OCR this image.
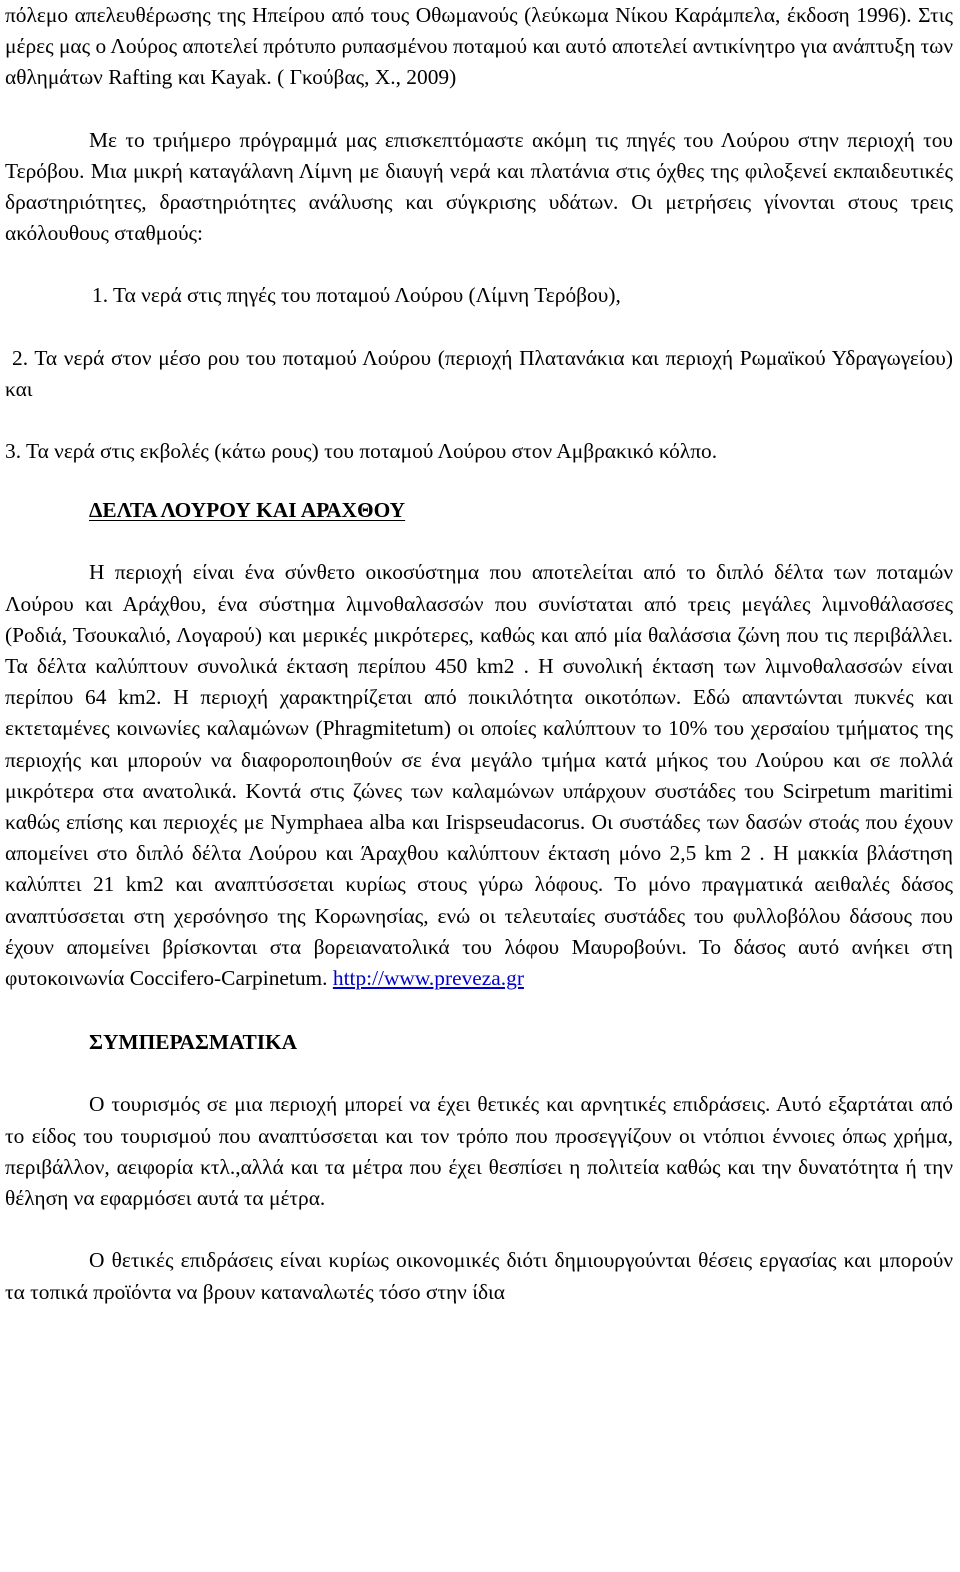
πόλεμο απελευθέρωσης της Ηπείρου από τους Οθωμανούς (λεύκωμα Νίκου Καράμπελα, έκδοση 1996). Στις μέρες μας ο Λούρος αποτελεί πρότυπο ρυπασμένου ποταμού και αυτό αποτελεί αντικίνητρο για ανάπτυξη των αθλημάτων Rafting και Kayak. ( Γκούβας, Χ., 2009)

Με το τριήμερο πρόγραμμά μας επισκεπτόμαστε ακόμη τις πηγές του Λούρου στην περιοχή του Τερόβου. Μια μικρή καταγάλανη Λίμνη με διαυγή νερά και πλατάνια στις όχθες της φιλοξενεί εκπαιδευτικές δραστηριότητες, δραστηριότητες ανάλυσης και σύγκρισης υδάτων. Οι μετρήσεις γίνονται στους τρεις ακόλουθους σταθμούς:

1. Τα νερά στις πηγές του ποταμού Λούρου (Λίμνη Τερόβου),

2. Τα νερά στον μέσο ρου του ποταμού Λούρου (περιοχή Πλατανάκια και περιοχή Ρωμαϊκού Υδραγωγείου) και

3. Τα νερά στις εκβολές (κάτω ρους) του ποταμού Λούρου στον Αμβρακικό κόλπο.

ΔΕΛΤΑ ΛΟΥΡΟΥ ΚΑΙ ΑΡΑΧΘΟΥ

Η περιοχή είναι ένα σύνθετο οικοσύστημα που αποτελείται από το διπλό δέλτα των ποταμών Λούρου και Αράχθου, ένα σύστημα λιμνοθαλασσών που συνίσταται από τρεις μεγάλες λιμνοθάλασσες (Ροδιά, Τσουκαλιό, Λογαρού) και μερικές μικρότερες, καθώς και από μία θαλάσσια ζώνη που τις περιβάλλει. Τα δέλτα καλύπτουν συνολικά έκταση περίπου 450 km2 . Η συνολική έκταση των λιμνοθαλασσών είναι περίπου 64 km2. Η περιοχή χαρακτηρίζεται από ποικιλότητα οικοτόπων. Εδώ απαντώνται πυκνές και εκτεταμένες κοινωνίες καλαμώνων (Phragmitetum) οι οποίες καλύπτουν το 10% του χερσαίου τμήματος της περιοχής και μπορούν να διαφοροποιηθούν σε ένα μεγάλο τμήμα κατά μήκος του Λούρου και σε πολλά μικρότερα στα ανατολικά. Κοντά στις ζώνες των καλαμώνων υπάρχουν συστάδες του Scirpetum maritimi καθώς επίσης και περιοχές με Nymphaea alba και Irispseudacorus. Οι συστάδες των δασών στοάς που έχουν απομείνει στο διπλό δέλτα Λούρου και Άραχθου καλύπτουν έκταση μόνο 2,5 km 2 . Η μακκία βλάστηση καλύπτει 21 km2 και αναπτύσσεται κυρίως στους γύρω λόφους. Το μόνο πραγματικά αειθαλές δάσος αναπτύσσεται στη χερσόνησο της Κορωνησίας, ενώ οι τελευταίες συστάδες του φυλλοβόλου δάσους που έχουν απομείνει βρίσκονται στα βορειανατολικά του λόφου Μαυροβούνι. Το δάσος αυτό ανήκει στη φυτοκοινωνία Coccifero-Carpinetum. http://www.preveza.gr

ΣΥΜΠΕΡΑΣΜΑΤΙΚΑ

Ο τουρισμός σε μια περιοχή μπορεί να έχει θετικές και αρνητικές επιδράσεις. Αυτό εξαρτάται από το είδος του τουρισμού που αναπτύσσεται και τον τρόπο που προσεγγίζουν οι ντόπιοι έννοιες όπως χρήμα, περιβάλλον, αειφορία κτλ.,αλλά και τα μέτρα που έχει θεσπίσει η πολιτεία καθώς και την δυνατότητα ή την θέληση να εφαρμόσει αυτά τα μέτρα.

Ο θετικές επιδράσεις είναι κυρίως οικονομικές διότι δημιουργούνται θέσεις εργασίας και μπορούν τα τοπικά προϊόντα να βρουν καταναλωτές τόσο στην ίδια
